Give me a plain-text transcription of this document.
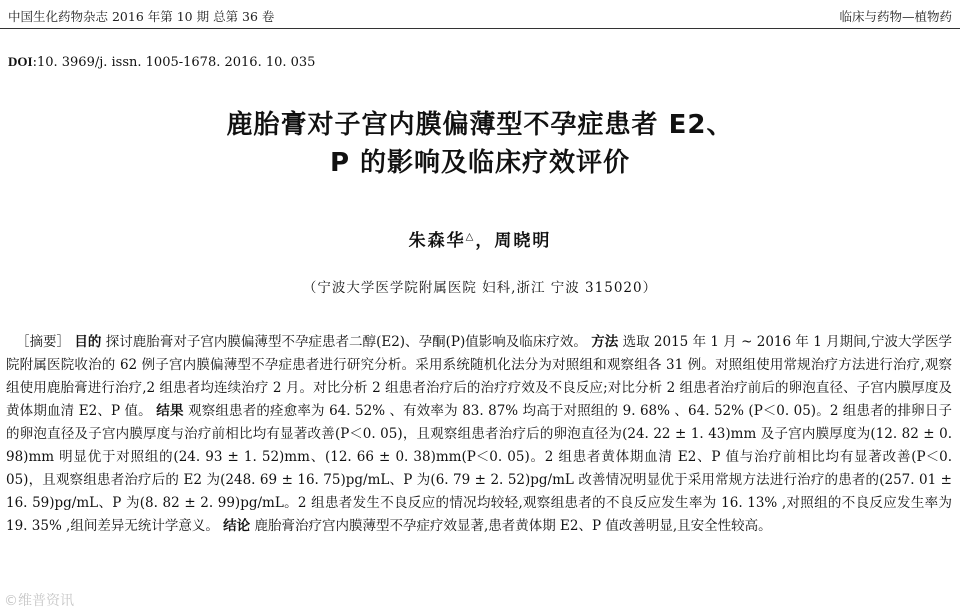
中国生化药物杂志 2016 年第 10 期 总第 36 卷	临床与药物—植物药
DOI:10. 3969/j. issn. 1005-1678. 2016. 10. 035
鹿胎膏对子宫内膜偏薄型不孕症患者 E2、
P 的影响及临床疗效评价
朱森华△，周晓明
（宁波大学医学院附属医院 妇科,浙江 宁波 315020）
［摘要］ 目的 探讨鹿胎膏对子宫内膜偏薄型不孕症患者二醇(E2)、孕酮(P)值影响及临床疗效。 方法 选取 2015 年 1 月 ~ 2016 年 1 月期间,宁波大学医学院附属医院收治的 62 例子宫内膜偏薄型不孕症患者进行研究分析。采用系统随机化法分为对照组和观察组各 31 例。对照组使用常规治疗方法进行治疗,观察组使用鹿胎膏进行治疗,2 组患者均连续治疗 2 月。对比分析 2 组患者治疗后的治疗疗效及不良反应;对比分析 2 组患者治疗前后的卵泡直径、子宫内膜厚度及黄体期血清 E2、P 值。 结果 观察组患者的痊愈率为 64. 52% 、有效率为 83. 87% 均高于对照组的 9. 68% 、64. 52% (P＜0. 05)。2 组患者的排卵日子的卵泡直径及子宫内膜厚度与治疗前相比均有显著改善(P＜0. 05)，且观察组患者治疗后的卵泡直径为(24. 22 ± 1. 43)mm 及子宫内膜厚度为(12. 82 ± 0. 98)mm 明显优于对照组的(24. 93 ± 1. 52)mm、(12. 66 ± 0. 38)mm(P＜0. 05)。2 组患者黄体期血清 E2、P 值与治疗前相比均有显著改善(P＜0. 05)，且观察组患者治疗后的 E2 为(248. 69 ± 16. 75)pg/mL、P 为(6. 79 ± 2. 52)pg/mL 改善情况明显优于采用常规方法进行治疗的患者的(257. 01 ± 16. 59)pg/mL、P 为(8. 82 ± 2. 99)pg/mL。2 组患者发生不良反应的情况均较轻,观察组患者的不良反应发生率为 16. 13% ,对照组的不良反应发生率为 19. 35% ,组间差异无统计学意义。 结论 鹿胎膏治疗宫内膜薄型不孕症疗效显著,患者黄体期 E2、P 值改善明显,且安全性较高。
©维普资讯
